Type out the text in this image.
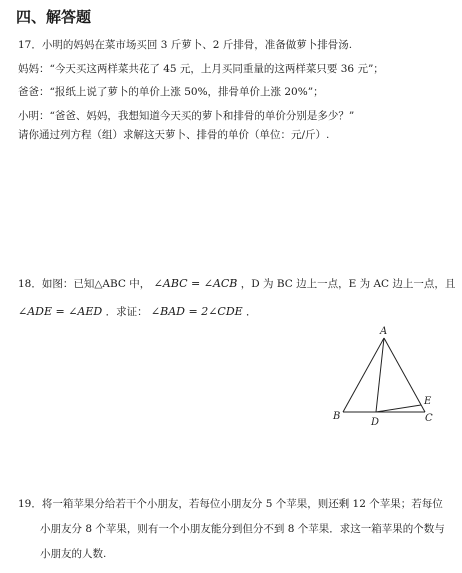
四、解答题
17．小明的妈妈在菜市场买回 3 斤萝卜、2 斤排骨，准备做萝卜排骨汤.
妈妈：“今天买这两样菜共花了 45 元，上月买同重量的这两样菜只要 36 元”；
爸爸：“报纸上说了萝卜的单价上涨 50%，排骨单价上涨 20%”；
小明：“爸爸、妈妈，我想知道今天买的萝卜和排骨的单价分别是多少？”
请你通过列方程（组）求解这天萝卜、排骨的单价（单位：元/斤）.
18．如图：已知△ABC 中， ∠ABC = ∠ACB ，D 为 BC 边上一点，E 为 AC 边上一点，且
∠ADE = ∠AED ．求证： ∠BAD = 2∠CDE ．
A
B
D
E
C
19．将一箱苹果分给若干个小朋友，若每位小朋友分 5 个苹果，则还剩 12 个苹果；若每位
小朋友分 8 个苹果，则有一个小朋友能分到但分不到 8 个苹果．求这一箱苹果的个数与
小朋友的人数.
